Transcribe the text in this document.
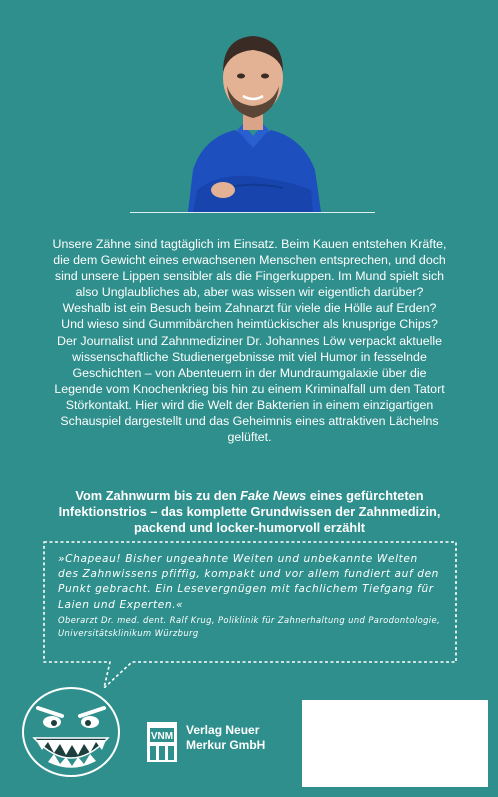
Unsere Zähne sind tagtäglich im Einsatz. Beim Kauen entstehen Kräfte, die dem Gewicht eines erwachsenen Menschen entsprechen, und doch sind unsere Lippen sensibler als die Fingerkuppen. Im Mund spielt sich also Unglaubliches ab, aber was wissen wir eigentlich darüber? Weshalb ist ein Besuch beim Zahnarzt für viele die Hölle auf Erden? Und wieso sind Gummibärchen heimtückischer als knusprige Chips?

Der Journalist und Zahnmediziner Dr. Johannes Löw verpackt aktuelle wissenschaftliche Studienergebnisse mit viel Humor in fesselnde Geschichten – von Abenteuern in der Mundraumgalaxie über die Legende vom Knochenkrieg bis hin zu einem Kriminalfall um den Tatort Störkontakt. Hier wird die Welt der Bakterien in einem einzigartigen Schauspiel dargestellt und das Geheimnis eines attraktiven Lächelns gelüftet.

Vom Zahnwurm bis zu den Fake News eines gefürchteten Infektionstrios – das komplette Grundwissen der Zahnmedizin, packend und locker-humorvoll erzählt
»Chapeau! Bisher ungeahnte Weiten und unbekannte Welten des Zahnwissens pfiffig, kompakt und vor allem fundiert auf den Punkt gebracht. Ein Lesevergnügen mit fachlichem Tiefgang für Laien und Experten.«
Oberarzt Dr. med. dent. Ralf Krug, Poliklinik für Zahnerhaltung und Parodontologie, Universitätsklinikum Würzburg
VNM Verlag Neuer
Merkur GmbH
